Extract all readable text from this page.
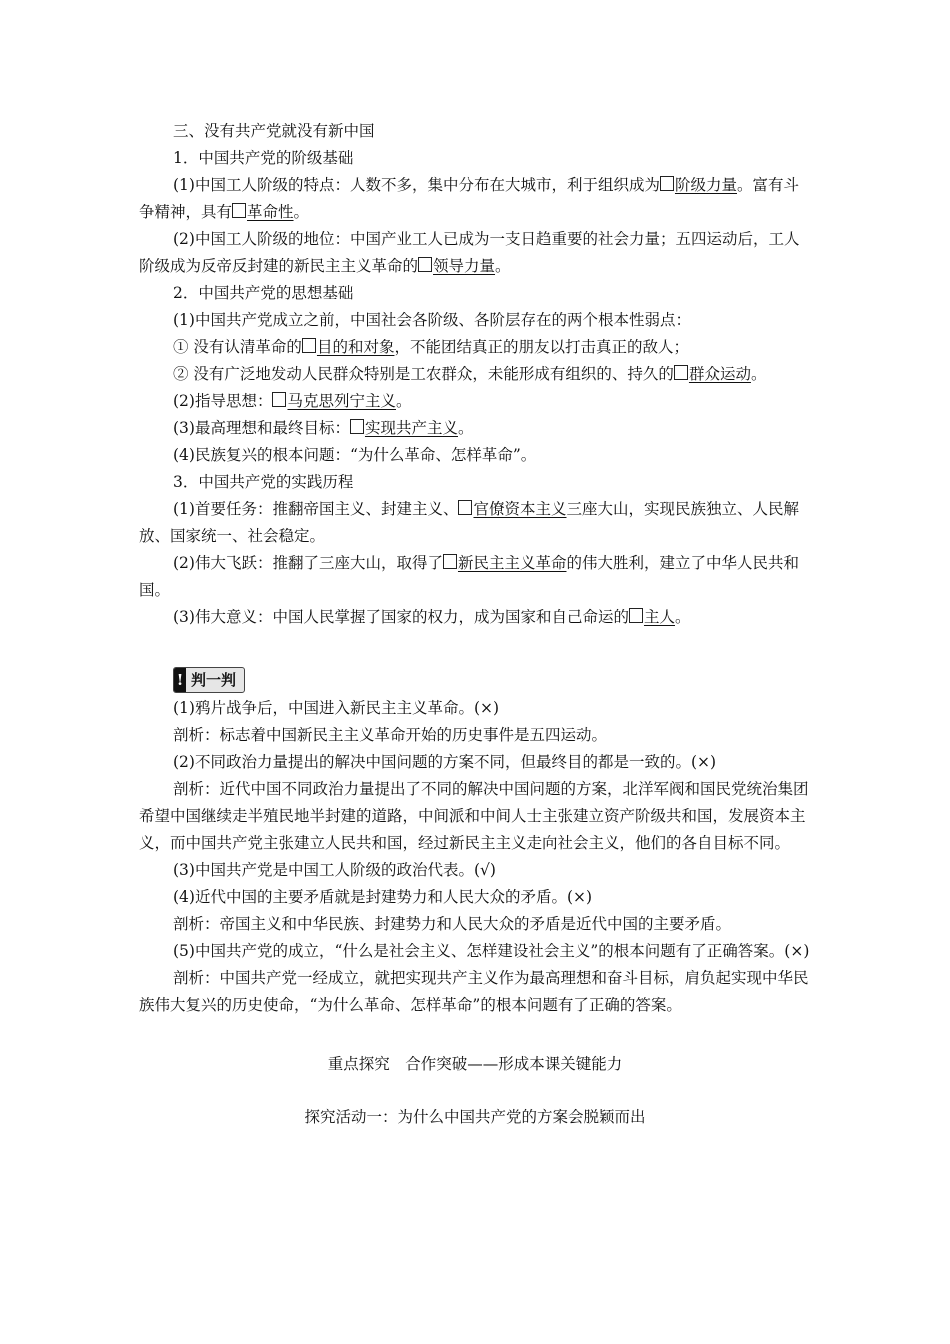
三、没有共产党就没有新中国

1．中国共产党的阶级基础

(1)中国工人阶级的特点：人数不多，集中分布在大城市，利于组织成为 阶级力量。富有斗争精神，具有 革命性。

(2)中国工人阶级的地位：中国产业工人已成为一支日趋重要的社会力量；五四运动后，工人阶级成为反帝反封建的新民主主义革命的 领导力量。

2．中国共产党的思想基础

(1)中国共产党成立之前，中国社会各阶级、各阶层存在的两个根本性弱点：

① 没有认清革命的 目的和对象，不能团结真正的朋友以打击真正的敌人；

② 没有广泛地发动人民群众特别是工农群众，未能形成有组织的、持久的 群众运动。

(2)指导思想： 马克思列宁主义。

(3)最高理想和最终目标： 实现共产主义。

(4)民族复兴的根本问题：“为什么革命、怎样革命”。

3．中国共产党的实践历程

(1)首要任务：推翻帝国主义、封建主义、 官僚资本主义三座大山，实现民族独立、人民解放、国家统一、社会稳定。

(2)伟大飞跃：推翻了三座大山，取得了 新民主主义革命的伟大胜利，建立了中华人民共和国。

(3)伟大意义：中国人民掌握了国家的权力，成为国家和自己命运的 主人。

! 判一判

(1)鸦片战争后，中国进入新民主主义革命。(×)

剖析：标志着中国新民主主义革命开始的历史事件是五四运动。

(2)不同政治力量提出的解决中国问题的方案不同，但最终目的都是一致的。(×)

剖析：近代中国不同政治力量提出了不同的解决中国问题的方案，北洋军阀和国民党统治集团希望中国继续走半殖民地半封建的道路，中间派和中间人士主张建立资产阶级共和国，发展资本主义，而中国共产党主张建立人民共和国，经过新民主主义走向社会主义，他们的各自目标不同。

(3)中国共产党是中国工人阶级的政治代表。(√)

(4)近代中国的主要矛盾就是封建势力和人民大众的矛盾。(×)

剖析：帝国主义和中华民族、封建势力和人民大众的矛盾是近代中国的主要矛盾。

(5)中国共产党的成立，“什么是社会主义、怎样建设社会主义”的根本问题有了正确答案。(×)

剖析：中国共产党一经成立，就把实现共产主义作为最高理想和奋斗目标，肩负起实现中华民族伟大复兴的历史使命，“为什么革命、怎样革命”的根本问题有了正确的答案。

重点探究　合作突破——形成本课关键能力

探究活动一：为什么中国共产党的方案会脱颖而出
